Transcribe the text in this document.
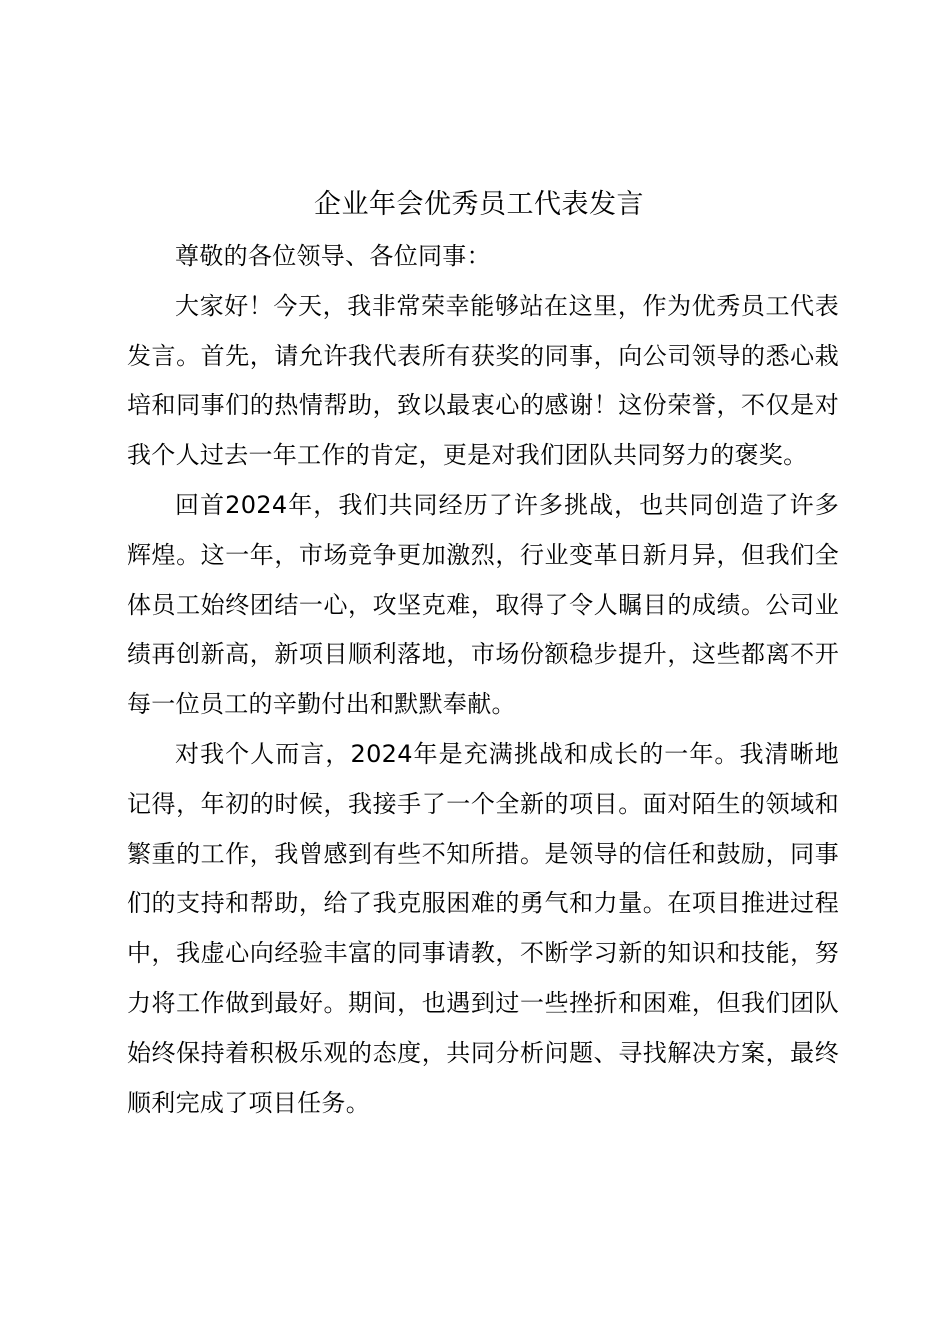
企业年会优秀员工代表发言

尊敬的各位领导、各位同事：

大家好！今天，我非常荣幸能够站在这里，作为优秀员工代表发言。首先，请允许我代表所有获奖的同事，向公司领导的悉心栽培和同事们的热情帮助，致以最衷心的感谢！这份荣誉，不仅是对我个人过去一年工作的肯定，更是对我们团队共同努力的褒奖。

回首2024年，我们共同经历了许多挑战，也共同创造了许多辉煌。这一年，市场竞争更加激烈，行业变革日新月异，但我们全体员工始终团结一心，攻坚克难，取得了令人瞩目的成绩。公司业绩再创新高，新项目顺利落地，市场份额稳步提升，这些都离不开每一位员工的辛勤付出和默默奉献。

对我个人而言，2024年是充满挑战和成长的一年。我清晰地记得，年初的时候，我接手了一个全新的项目。面对陌生的领域和繁重的工作，我曾感到有些不知所措。是领导的信任和鼓励，同事们的支持和帮助，给了我克服困难的勇气和力量。在项目推进过程中，我虚心向经验丰富的同事请教，不断学习新的知识和技能，努力将工作做到最好。期间，也遇到过一些挫折和困难，但我们团队始终保持着积极乐观的态度，共同分析问题、寻找解决方案，最终顺利完成了项目任务。
